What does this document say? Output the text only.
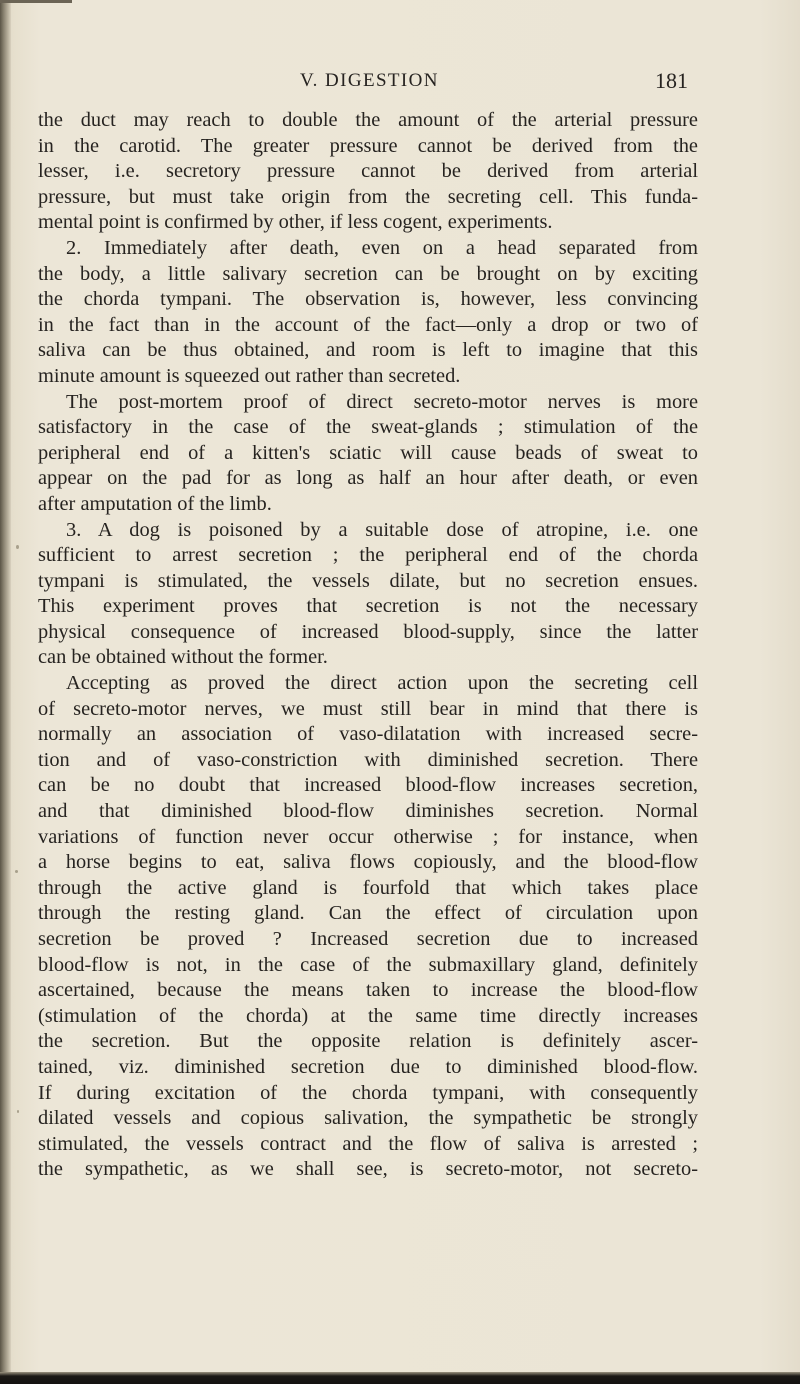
V. DIGESTION	181
the duct may reach to double the amount of the arterial pressure
in the carotid. The greater pressure cannot be derived from the
lesser, i.e. secretory pressure cannot be derived from arterial
pressure, but must take origin from the secreting cell. This funda-
mental point is confirmed by other, if less cogent, experiments.
2. Immediately after death, even on a head separated from
the body, a little salivary secretion can be brought on by exciting
the chorda tympani. The observation is, however, less convincing
in the fact than in the account of the fact—only a drop or two of
saliva can be thus obtained, and room is left to imagine that this
minute amount is squeezed out rather than secreted.
The post-mortem proof of direct secreto-motor nerves is more
satisfactory in the case of the sweat-glands ; stimulation of the
peripheral end of a kitten's sciatic will cause beads of sweat to
appear on the pad for as long as half an hour after death, or even
after amputation of the limb.
3. A dog is poisoned by a suitable dose of atropine, i.e. one
sufficient to arrest secretion ; the peripheral end of the chorda
tympani is stimulated, the vessels dilate, but no secretion ensues.
This experiment proves that secretion is not the necessary
physical consequence of increased blood-supply, since the latter
can be obtained without the former.
Accepting as proved the direct action upon the secreting cell
of secreto-motor nerves, we must still bear in mind that there is
normally an association of vaso-dilatation with increased secre-
tion and of vaso-constriction with diminished secretion. There
can be no doubt that increased blood-flow increases secretion,
and that diminished blood-flow diminishes secretion. Normal
variations of function never occur otherwise ; for instance, when
a horse begins to eat, saliva flows copiously, and the blood-flow
through the active gland is fourfold that which takes place
through the resting gland. Can the effect of circulation upon
secretion be proved ? Increased secretion due to increased
blood-flow is not, in the case of the submaxillary gland, definitely
ascertained, because the means taken to increase the blood-flow
(stimulation of the chorda) at the same time directly increases
the secretion. But the opposite relation is definitely ascer-
tained, viz. diminished secretion due to diminished blood-flow.
If during excitation of the chorda tympani, with consequently
dilated vessels and copious salivation, the sympathetic be strongly
stimulated, the vessels contract and the flow of saliva is arrested ;
the sympathetic, as we shall see, is secreto-motor, not secreto-
